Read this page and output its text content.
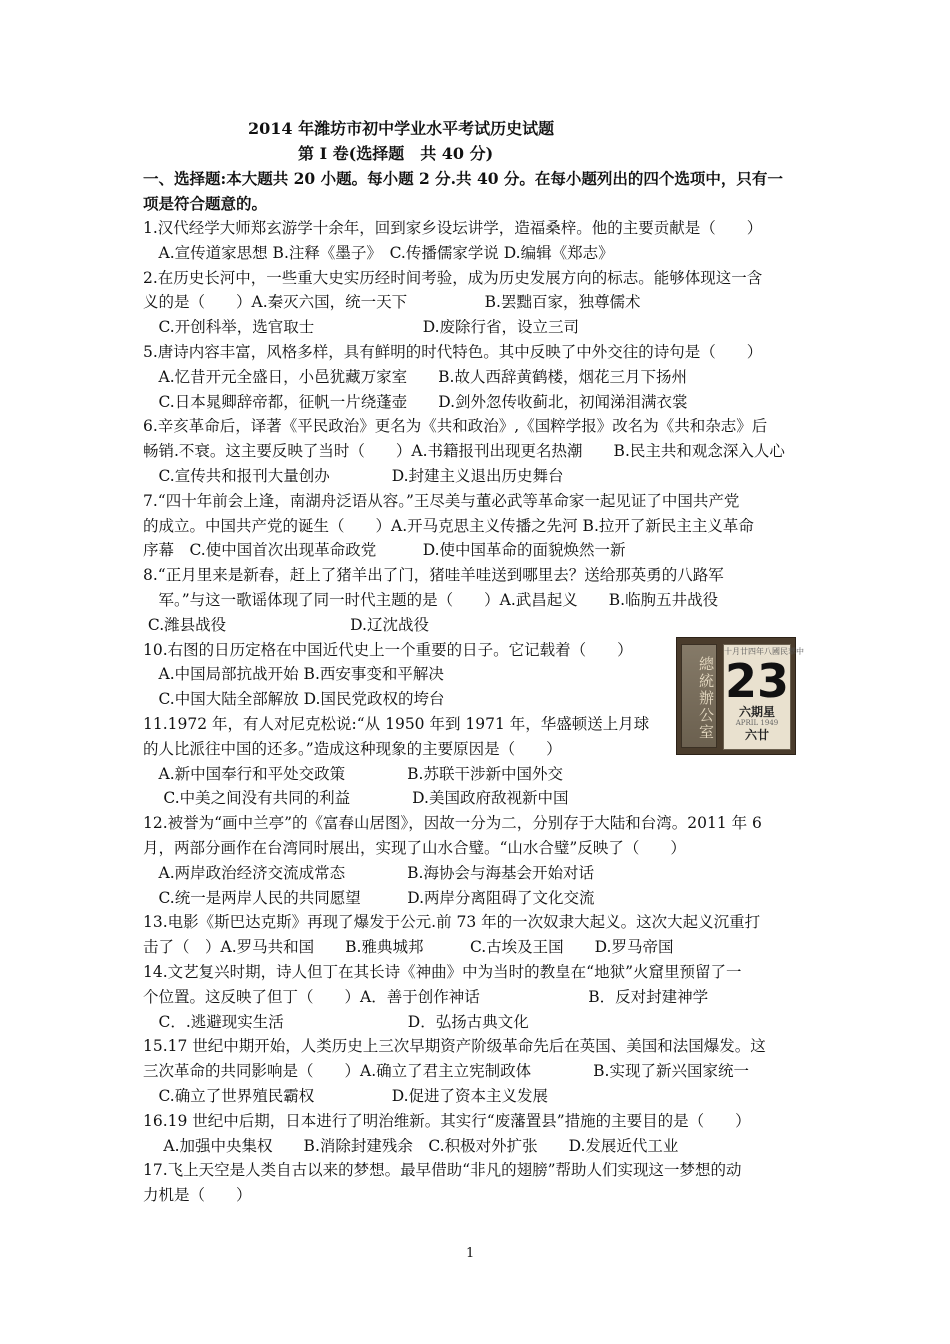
2014 年潍坊市初中学业水平考试历史试题
第 I 卷(选择题　共 40 分)
一、选择题:本大题共 20 小题。每小题 2 分.共 40 分。在每小题列出的四个选项中，只有一
项是符合题意的。
1.汉代经学大师郑玄游学十余年，回到家乡设坛讲学，造福桑梓。他的主要贡献是（　　）
　A.宣传道家思想 B.注释《墨子》　C.传播儒家学说 D.编辑《郑志》
2.在历史长河中，一些重大史实历经时间考验，成为历史发展方向的标志。能够体现这一含
义的是（　　）A.秦灭六国，统一天下　　　　　B.罢黜百家，独尊儒术
　C.开创科举，选官取士　　　　　　　D.废除行省，设立三司
5.唐诗内容丰富，风格多样，具有鲜明的时代特色。其中反映了中外交往的诗句是（　　）
　A.忆昔开元全盛日，小邑犹藏万家室　　B.故人西辞黄鹤楼，烟花三月下扬州
　C.日本晁卿辞帝都，征帆一片绕蓬壶　　D.剑外忽传收蓟北，初闻涕泪满衣裳
6.辛亥革命后，译著《平民政治》更名为《共和政治》,《国粹学报》改名为《共和杂志》后
畅销.不衰。这主要反映了当时（　　）A.书籍报刊出现更名热潮　　B.民主共和观念深入人心
　C.宣传共和报刊大量创办　　　　D.封建主义退出历史舞台
7.“四十年前会上逢，南湖舟泛语从容。”王尽美与董必武等革命家一起见证了中国共产党
的成立。中国共产党的诞生（　　）A.开马克思主义传播之先河 B.拉开了新民主主义革命
序幕　C.使中国首次出现革命政党　　　D.使中国革命的面貌焕然一新
8.“正月里来是新春，赶上了猪羊出了门，猪哇羊哇送到哪里去？送给那英勇的八路军
　军。”与这一歌谣体现了同一时代主题的是（　　）A.武昌起义　　B.临朐五井战役
C.潍县战役　　　　　　　　D.辽沈战役
10.右图的日历定格在中国近代史上一个重要的日子。它记载着（　　）
　A.中国局部抗战开始 B.西安事变和平解决
　C.中国大陆全部解放 D.国民党政权的垮台
11.1972 年，有人对尼克松说:“从 1950 年到 1971 年，华盛顿送上月球
的人比派往中国的还多。”造成这种现象的主要原因是（　　）
　A.新中国奉行和平处交政策　　　　B.苏联干涉新中国外交
　 C.中美之间没有共同的利益　　　　D.美国政府敌视新中国
12.被誉为“画中兰亭”的《富春山居图》，因故一分为二，分别存于大陆和台湾。2011 年 6
月，两部分画作在台湾同时展出，实现了山水合璧。“山水合璧”反映了（　　）
　A.两岸政治经济交流成常态　　　　B.海协会与海基会开始对话
　C.统一是两岸人民的共同愿望　　　D.两岸分离阻碍了文化交流
13.电影《斯巴达克斯》再现了爆发于公元.前 73 年的一次奴隶大起义。这次大起义沉重打
击了（　）A.罗马共和国　　B.雅典城邦　　　C.古埃及王国　　D.罗马帝国
14.文艺复兴时期，诗人但丁在其长诗《神曲》中为当时的教皇在“地狱”火窟里预留了一
个位置。这反映了但丁（　　）A．善于创作神话　　　　　　　B．反对封建神学
　C．.逃避现实生活　　　　　　　　D．弘扬古典文化
15.17 世纪中期开始，人类历史上三次早期资产阶级革命先后在英国、美国和法国爆发。这
三次革命的共同影响是（　　）A.确立了君主立宪制政体　　　　B.实现了新兴国家统一
　C.确立了世界殖民霸权　　　　　D.促进了资本主义发展
16.19 世纪中后期，日本进行了明治维新。其实行“废藩置县”措施的主要目的是（　　）
　 A.加强中央集权　　B.消除封建残余　C.积极对外扩张　　D.发展近代工业
17.飞上天空是人类自古以来的梦想。最早借助“非凡的翅膀”帮助人们实现这一梦想的动
力机是（　　）
總統辦公室
十月廿四年八國民華中
23
六期星
APRIL 1949
六廿
1
